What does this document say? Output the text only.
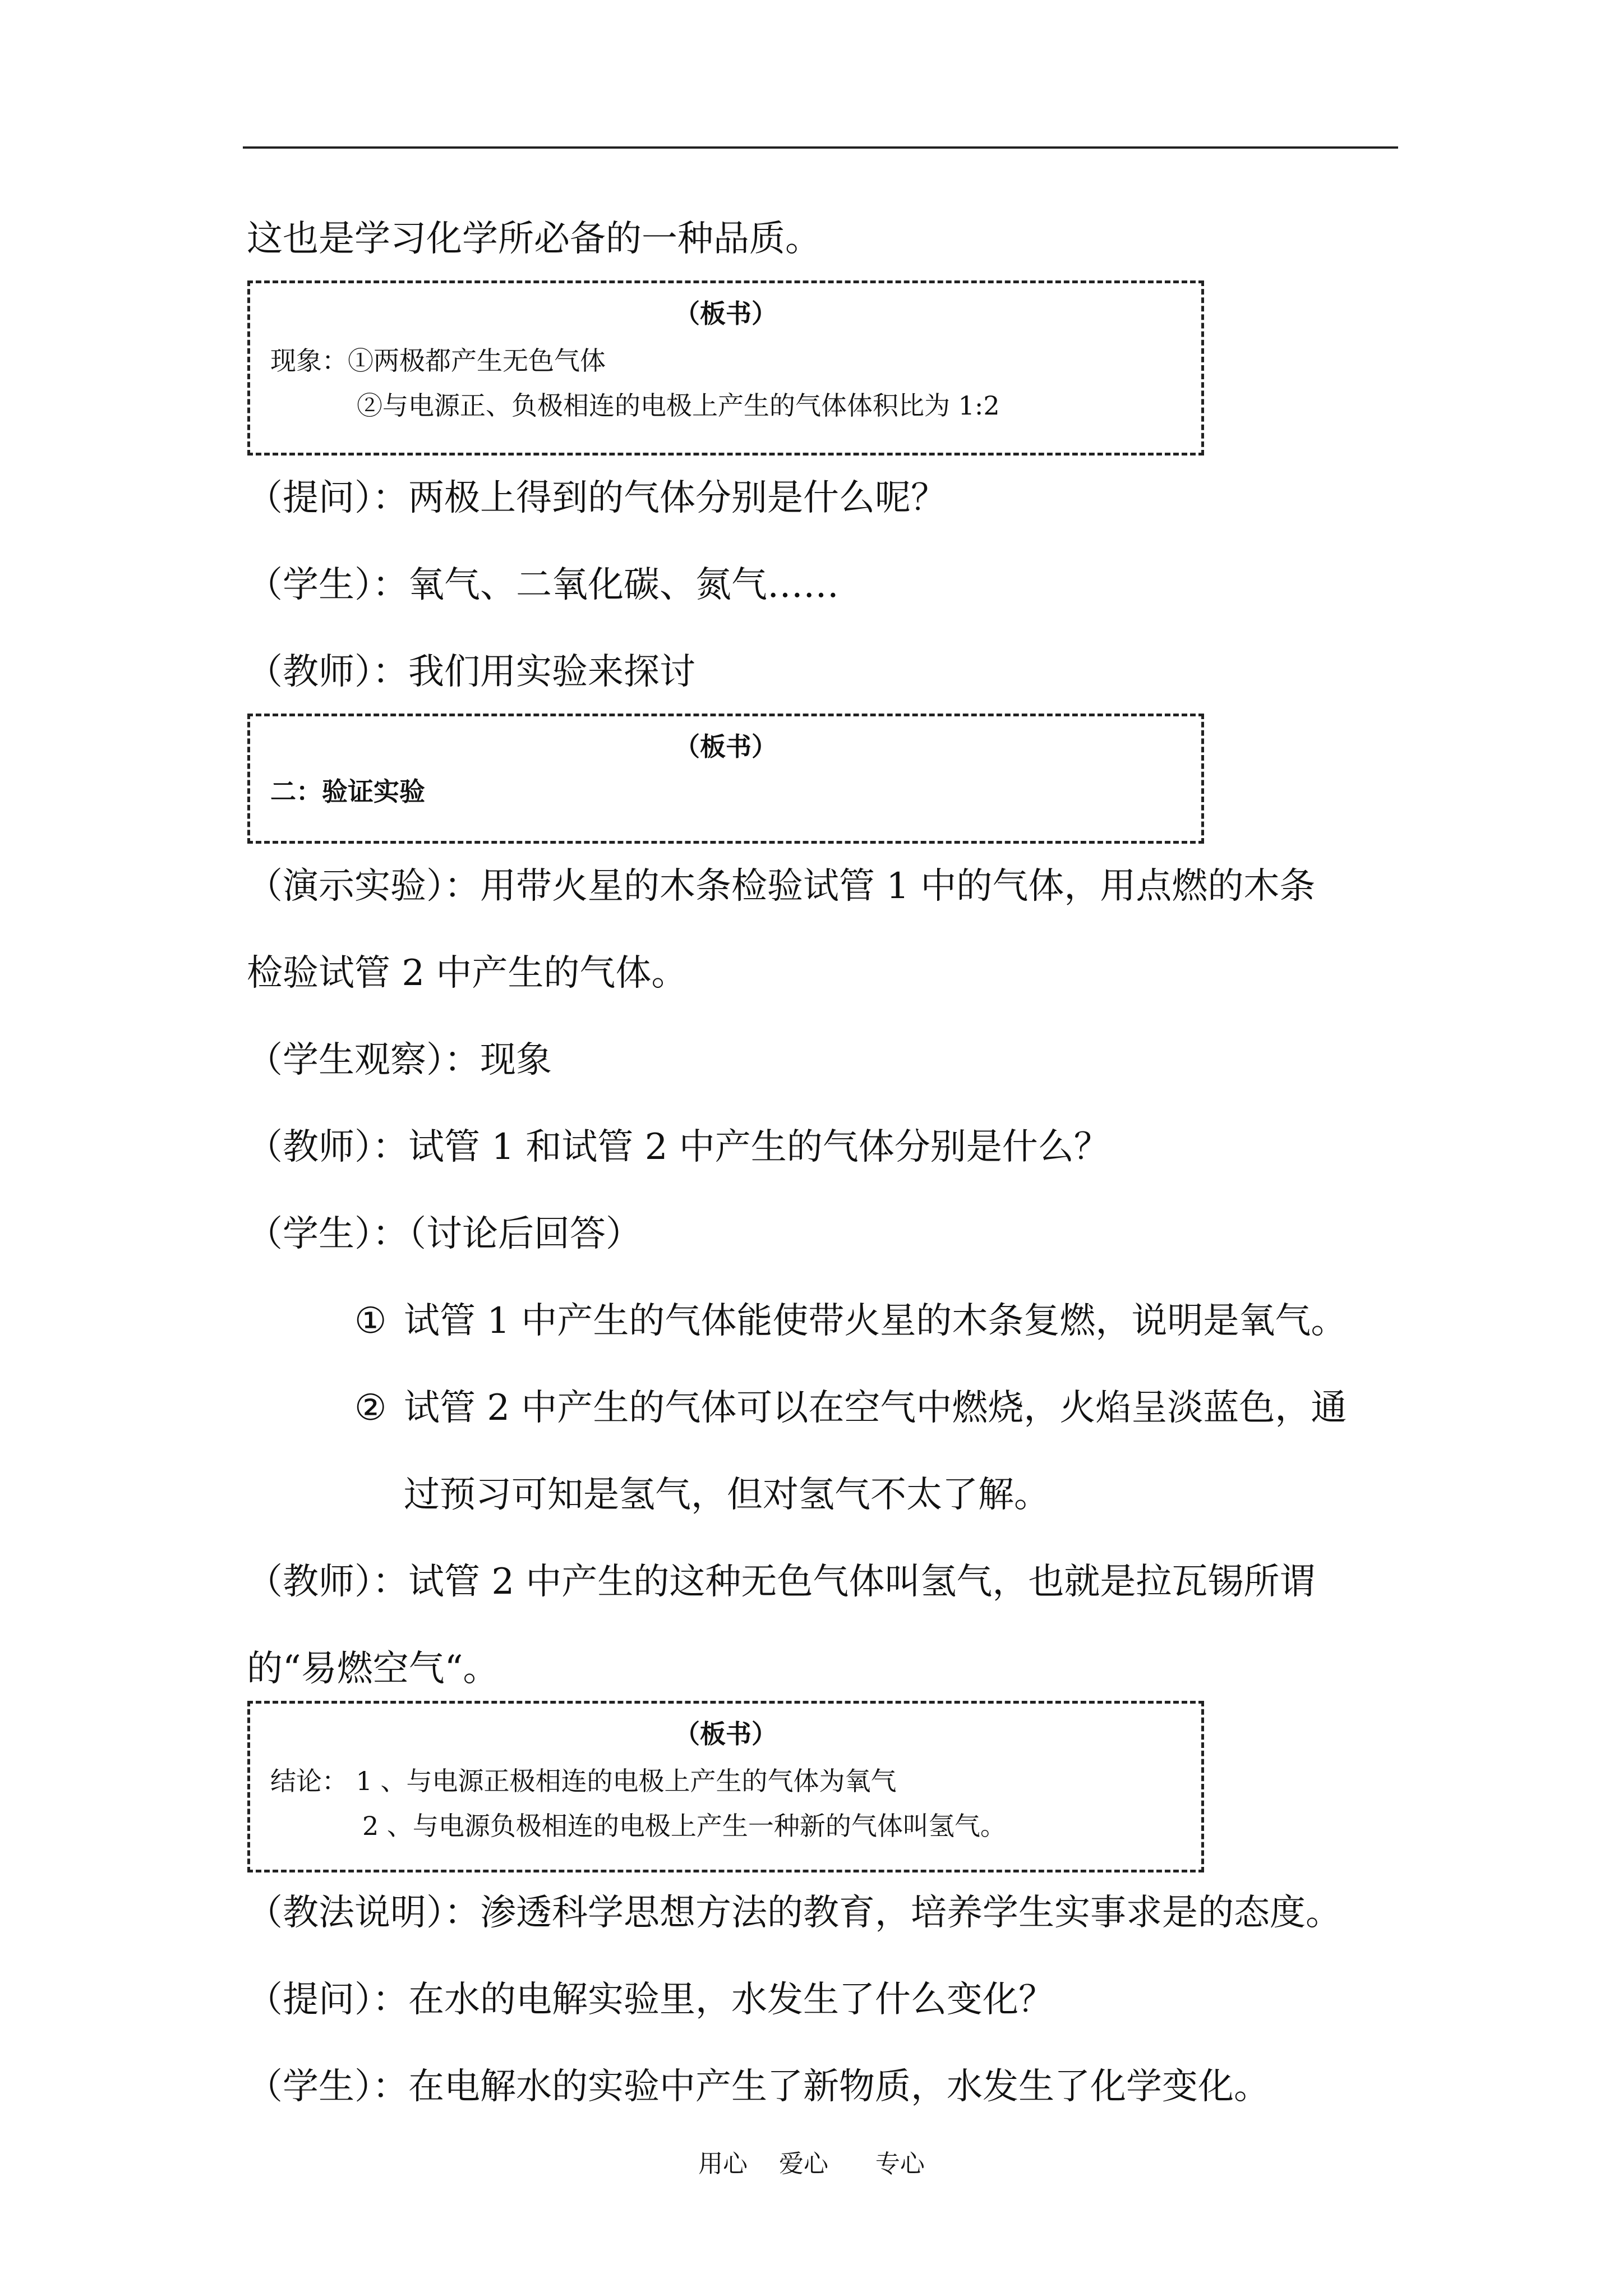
这也是学习化学所必备的一种品质。

（板书）
现象：①两极都产生无色气体
②与电源正、负极相连的电极上产生的气体体积比为 1:2

（提问）：两极上得到的气体分别是什么呢？

（学生）：氧气、二氧化碳、氮气……

（教师）：我们用实验来探讨

（板书）
二：验证实验

（演示实验）：用带火星的木条检验试管 1 中的气体，用点燃的木条

检验试管 2 中产生的气体。

（学生观察）：现象

（教师）：试管 1 和试管 2 中产生的气体分别是什么？

（学生）：（讨论后回答）

① 试管 1 中产生的气体能使带火星的木条复燃，说明是氧气。
② 试管 2 中产生的气体可以在空气中燃烧，火焰呈淡蓝色，通
过预习可知是氢气，但对氢气不太了解。

（教师）：试管 2 中产生的这种无色气体叫氢气，也就是拉瓦锡所谓

的“易燃空气“。

（板书）
结论： 1 、与电源正极相连的电极上产生的气体为氧气
2 、与电源负极相连的电极上产生一种新的气体叫氢气。

（教法说明）：渗透科学思想方法的教育，培养学生实事求是的态度。

（提问）：在水的电解实验里，水发生了什么变化？

（学生）：在电解水的实验中产生了新物质，水发生了化学变化。

用心    爱心      专心
